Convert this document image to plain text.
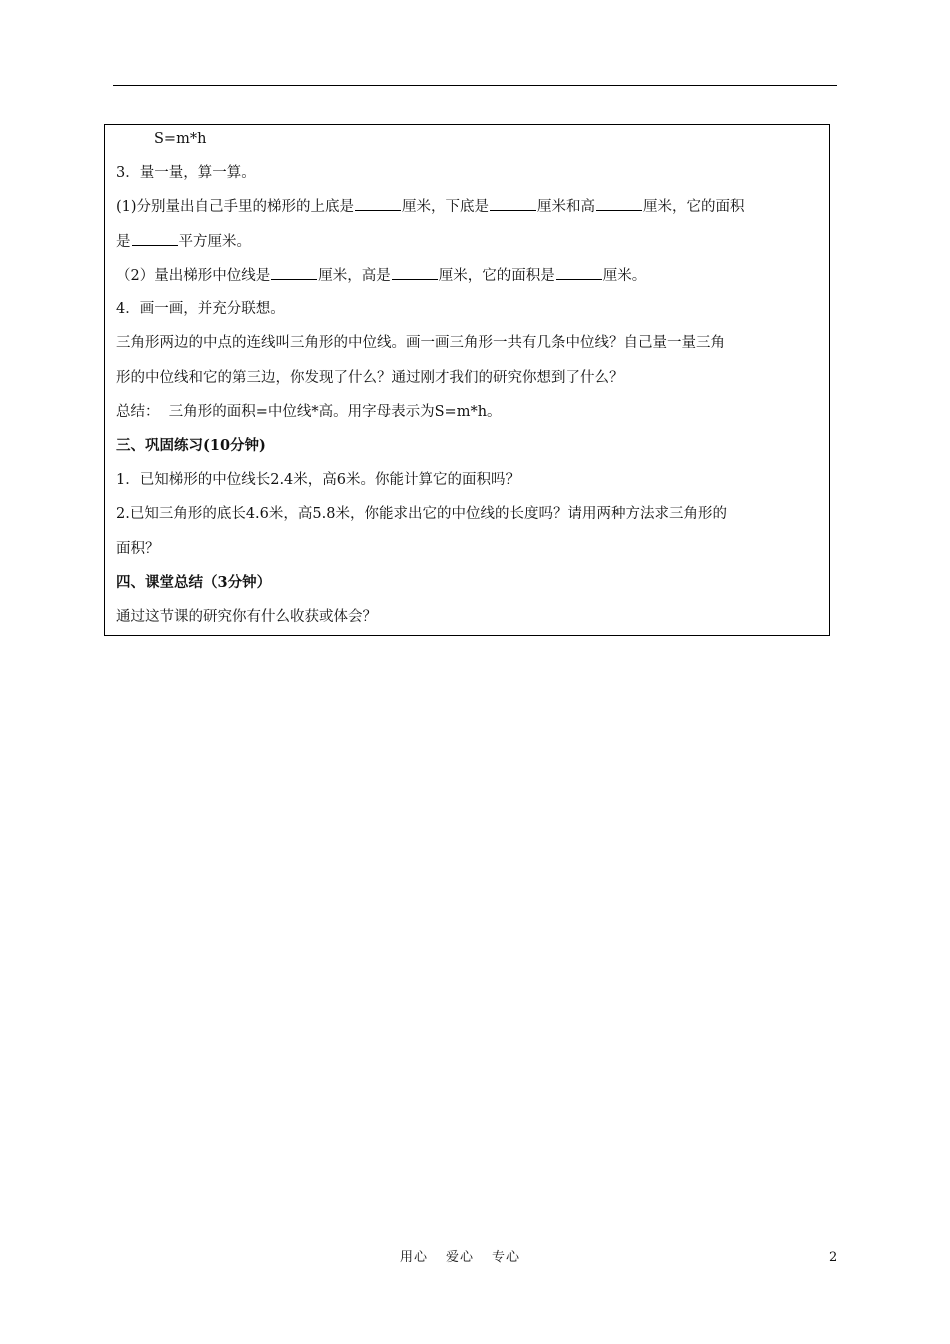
S=m*h
3．量一量，算一算。
(1)分别量出自己手里的梯形的上底是	厘米，下底是	厘米和高	厘米，它的面积
是	平方厘米。
（2）量出梯形中位线是	厘米，高是	厘米，它的面积是	厘米。
4．画一画，并充分联想。
三角形两边的中点的连线叫三角形的中位线。画一画三角形一共有几条中位线？自己量一量三角
形的中位线和它的第三边，你发现了什么？通过刚才我们的研究你想到了什么？
总结：  三角形的面积=中位线*高。用字母表示为S=m*h。
三、巩固练习(10分钟)
1．已知梯形的中位线长2.4米，高6米。你能计算它的面积吗？
2.已知三角形的底长4.6米，高5.8米，你能求出它的中位线的长度吗？请用两种方法求三角形的
面积？
四、课堂总结（3分钟）
通过这节课的研究你有什么收获或体会？
用心 爱心 专心	2
